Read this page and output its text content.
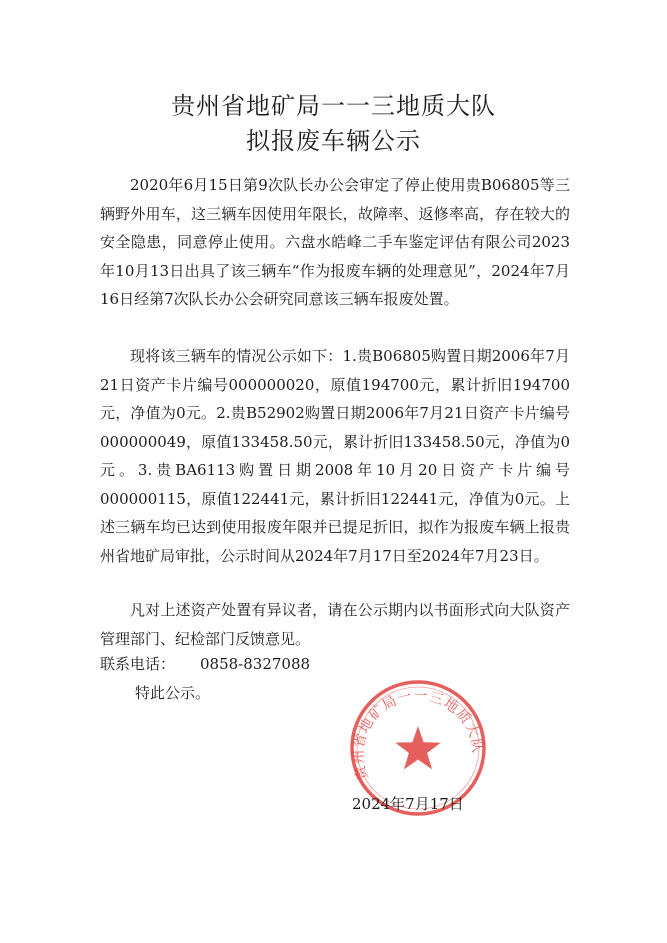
贵州省地矿局一一三地质大队
拟报废车辆公示

2020年6月15日第9次队长办公会审定了停止使用贵B06805等三辆野外用车，这三辆车因使用年限长，故障率、返修率高，存在较大的安全隐患，同意停止使用。六盘水皓峰二手车鉴定评估有限公司2023年10月13日出具了该三辆车“作为报废车辆的处理意见”，2024年7月16日经第7次队长办公会研究同意该三辆车报废处置。

现将该三辆车的情况公示如下：1.贵B06805购置日期2006年7月21日资产卡片编号000000020，原值194700元，累计折旧194700元，净值为0元。2.贵B52902购置日期2006年7月21日资产卡片编号000000049，原值133458.50元，累计折旧133458.50元，净值为0元。3.贵BA6113购置日期2008年10月20日资产卡片编号000000115，原值122441元，累计折旧122441元，净值为0元。上述三辆车均已达到使用报废年限并已提足折旧，拟作为报废车辆上报贵州省地矿局审批，公示时间从2024年7月17日至2024年7月23日。

凡对上述资产处置有异议者，请在公示期内以书面形式向大队资产管理部门、纪检部门反馈意见。

联系电话： 0858-8327088

特此公示。

贵州省地矿局一一三地质大队

2024年7月17日
